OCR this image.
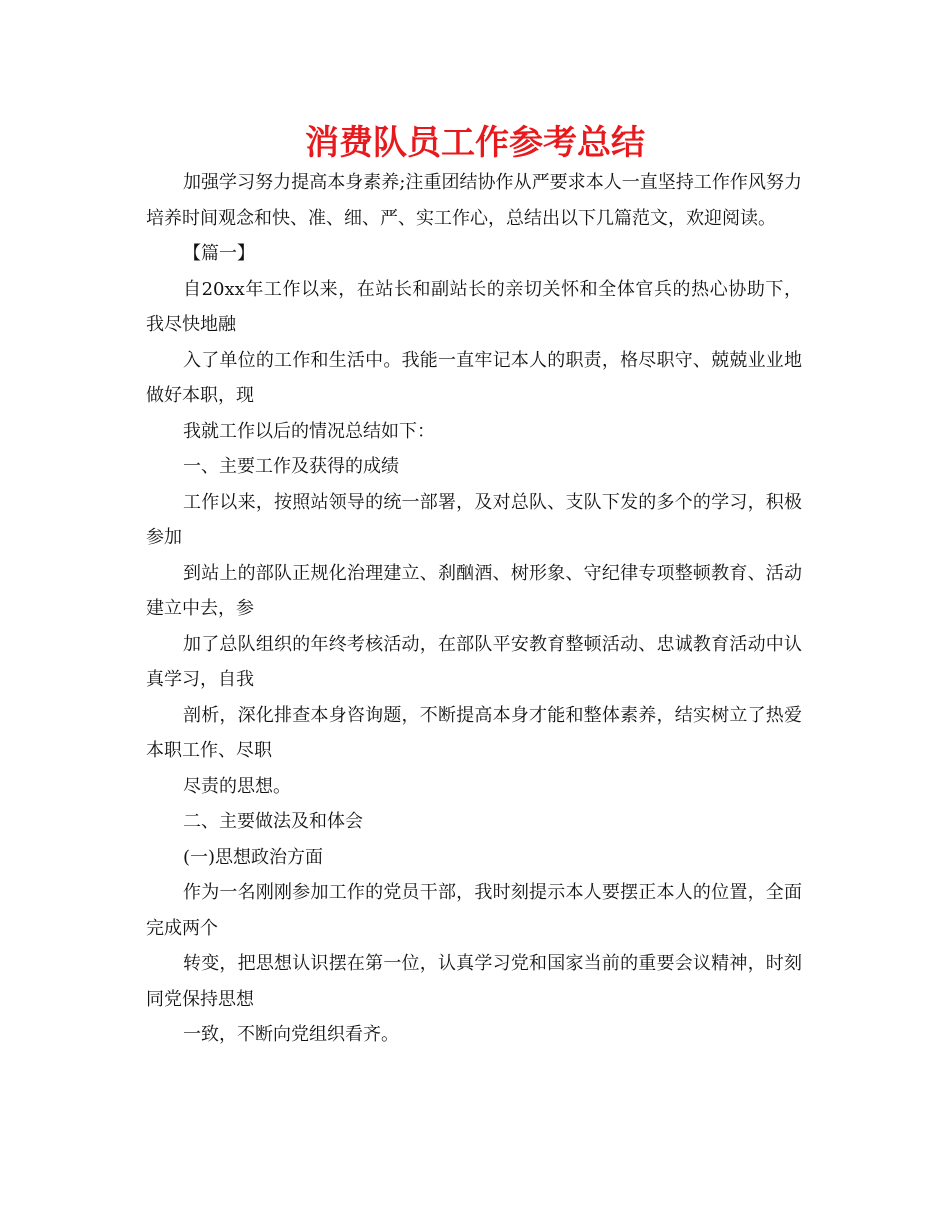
消费队员工作参考总结

加强学习努力提高本身素养;注重团结协作从严要求本人一直坚持工作作风努力培养时间观念和快、准、细、严、实工作心，总结出以下几篇范文，欢迎阅读。

【篇一】

自20xx年工作以来，在站长和副站长的亲切关怀和全体官兵的热心协助下，我尽快地融

入了单位的工作和生活中。我能一直牢记本人的职责，格尽职守、兢兢业业地做好本职，现

我就工作以后的情况总结如下：

一、主要工作及获得的成绩

工作以来，按照站领导的统一部署，及对总队、支队下发的多个的学习，积极参加

到站上的部队正规化治理建立、刹酗酒、树形象、守纪律专项整顿教育、活动建立中去，参

加了总队组织的年终考核活动，在部队平安教育整顿活动、忠诚教育活动中认真学习，自我

剖析，深化排查本身咨询题，不断提高本身才能和整体素养，结实树立了热爱本职工作、尽职

尽责的思想。

二、主要做法及和体会

(一)思想政治方面

作为一名刚刚参加工作的党员干部，我时刻提示本人要摆正本人的位置，全面完成两个

转变，把思想认识摆在第一位，认真学习党和国家当前的重要会议精神，时刻同党保持思想

一致，不断向党组织看齐。
